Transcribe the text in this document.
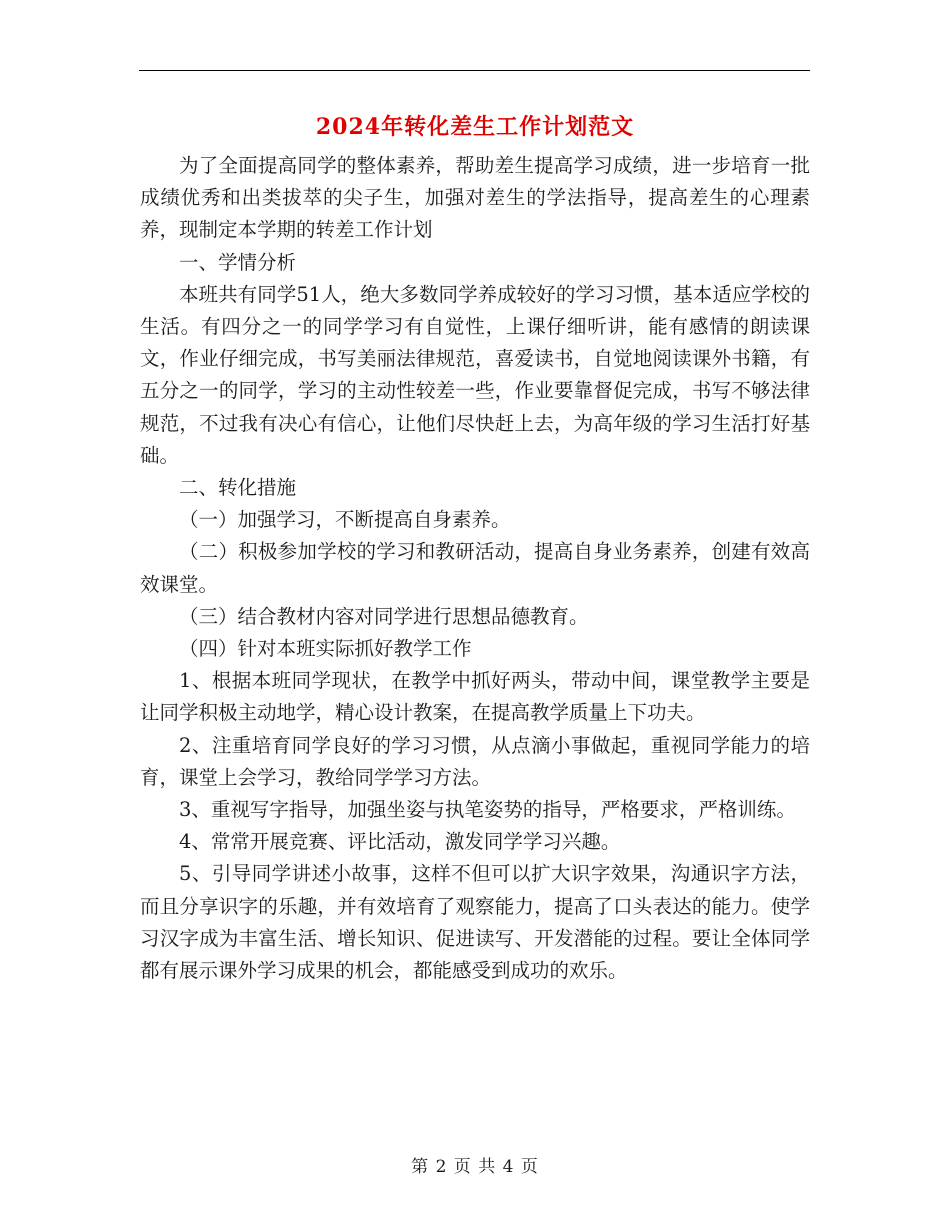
2024年转化差生工作计划范文

为了全面提高同学的整体素养，帮助差生提高学习成绩，进一步培育一批成绩优秀和出类拔萃的尖子生，加强对差生的学法指导，提高差生的心理素养，现制定本学期的转差工作计划

一、学情分析

本班共有同学51人，绝大多数同学养成较好的学习习惯，基本适应学校的生活。有四分之一的同学学习有自觉性，上课仔细听讲，能有感情的朗读课文，作业仔细完成，书写美丽法律规范，喜爱读书，自觉地阅读课外书籍，有五分之一的同学，学习的主动性较差一些，作业要靠督促完成，书写不够法律规范，不过我有决心有信心，让他们尽快赶上去，为高年级的学习生活打好基础。

二、转化措施

（一）加强学习，不断提高自身素养。

（二）积极参加学校的学习和教研活动，提高自身业务素养，创建有效高效课堂。

（三）结合教材内容对同学进行思想品德教育。

（四）针对本班实际抓好教学工作

1、根据本班同学现状，在教学中抓好两头，带动中间，课堂教学主要是让同学积极主动地学，精心设计教案，在提高教学质量上下功夫。

2、注重培育同学良好的学习习惯，从点滴小事做起，重视同学能力的培育，课堂上会学习，教给同学学习方法。

3、重视写字指导，加强坐姿与执笔姿势的指导，严格要求，严格训练。

4、常常开展竞赛、评比活动，激发同学学习兴趣。

5、引导同学讲述小故事，这样不但可以扩大识字效果，沟通识字方法，而且分享识字的乐趣，并有效培育了观察能力，提高了口头表达的能力。使学习汉字成为丰富生活、增长知识、促进读写、开发潜能的过程。要让全体同学都有展示课外学习成果的机会，都能感受到成功的欢乐。

第 2 页 共 4 页
